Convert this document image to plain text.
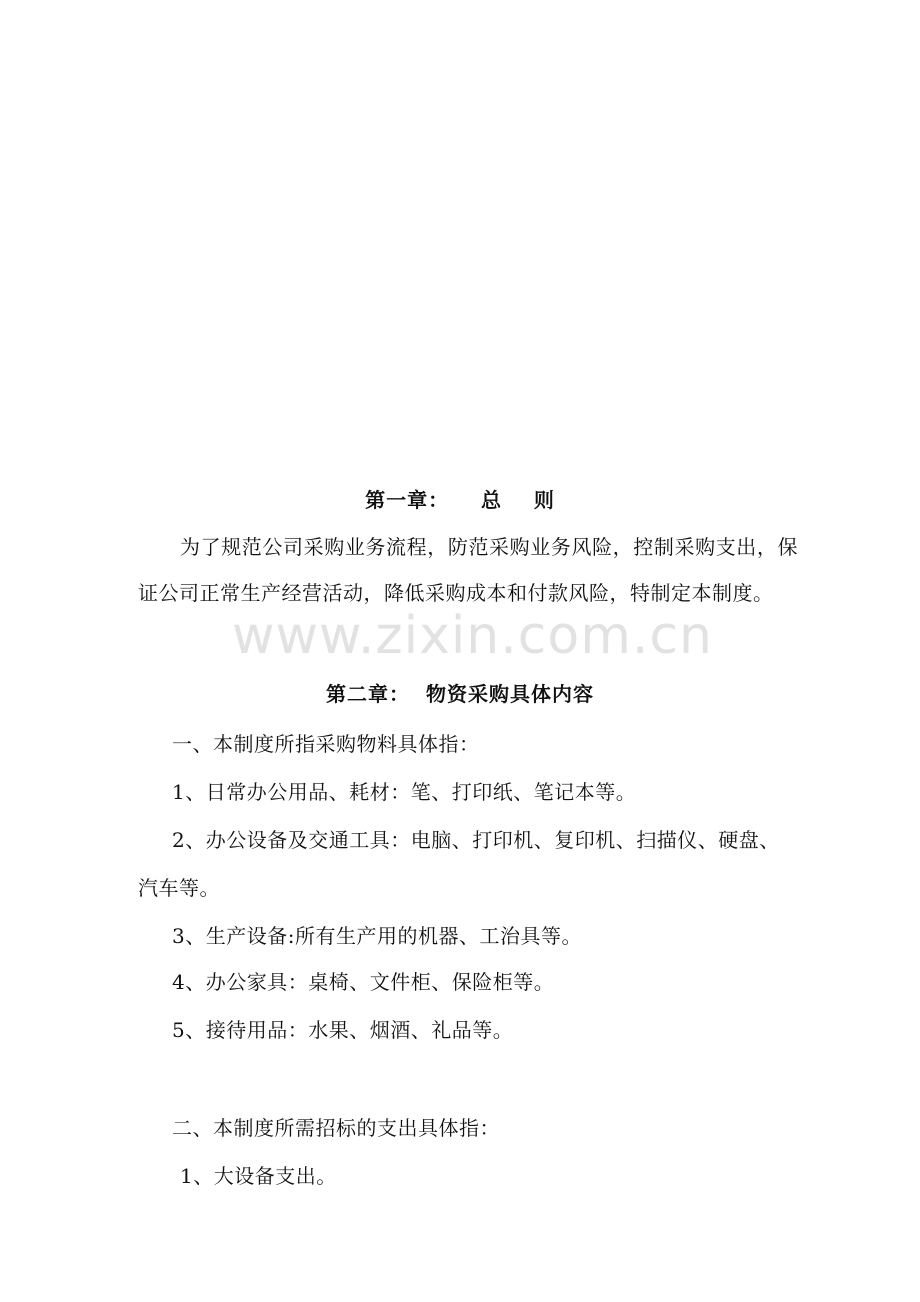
www.zixin.com.cn
第一章：    总    则
为了规范公司采购业务流程，防范采购业务风险，控制采购支出，保证公司正常生产经营活动，降低采购成本和付款风险，特制定本制度。
第二章：  物资采购具体内容
一、本制度所指采购物料具体指：
1、日常办公用品、耗材：笔、打印纸、笔记本等。
2、办公设备及交通工具：电脑、打印机、复印机、扫描仪、硬盘、
汽车等。
3、生产设备:所有生产用的机器、工治具等。
4、办公家具：桌椅、文件柜、保险柜等。
5、接待用品：水果、烟酒、礼品等。
二、本制度所需招标的支出具体指：
1、大设备支出。
